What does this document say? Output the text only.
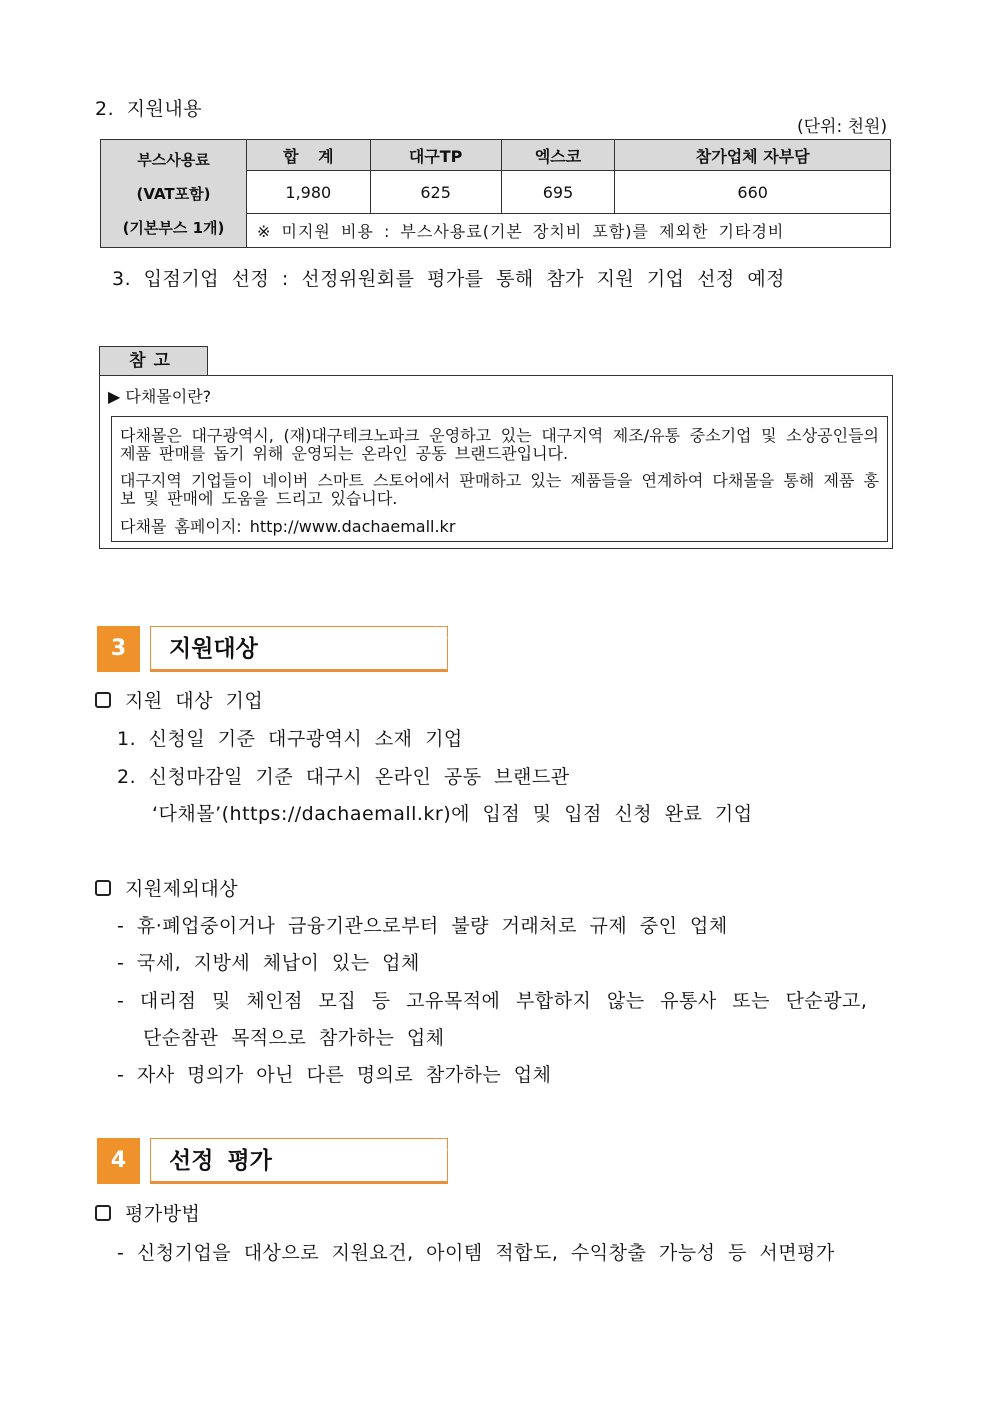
2. 지원내용
(단위: 천원)
부스사용료
(VAT포함)
(기본부스 1개)	합 계	대구TP	엑스코	참가업체 자부담
	1,980	625	695	660
	※ 미지원 비용 : 부스사용료(기본 장치비 포함)를 제외한 기타경비			
3. 입점기업 선정 : 선정위원회를 평가를 통해 참가 지원 기업 선정 예정
참고
▶ 다채몰이란?
다채몰은 대구광역시, (재)대구테크노파크 운영하고 있는 대구지역 제조/유통 중소기업 및 소상공인들의 제품 판매를 돕기 위해 운영되는 온라인 공동 브랜드관입니다.
대구지역 기업들이 네이버 스마트 스토어에서 판매하고 있는 제품들을 연계하여 다채몰을 통해 제품 홍보 및 판매에 도움을 드리고 있습니다.
다채몰 홈페이지: http://www.dachaemall.kr
3	지원대상
지원 대상 기업
1. 신청일 기준 대구광역시 소재 기업
2. 신청마감일 기준 대구시 온라인 공동 브랜드관
‘다채몰’(https://dachaemall.kr)에 입점 및 입점 신청 완료 기업
지원제외대상
- 휴·폐업중이거나 금융기관으로부터 불량 거래처로 규제 중인 업체
- 국세, 지방세 체납이 있는 업체
- 대리점 및 체인점 모집 등 고유목적에 부합하지 않는 유통사 또는 단순광고,
단순참관 목적으로 참가하는 업체
- 자사 명의가 아닌 다른 명의로 참가하는 업체
4	선정 평가
평가방법
- 신청기업을 대상으로 지원요건, 아이템 적합도, 수익창출 가능성 등 서면평가
